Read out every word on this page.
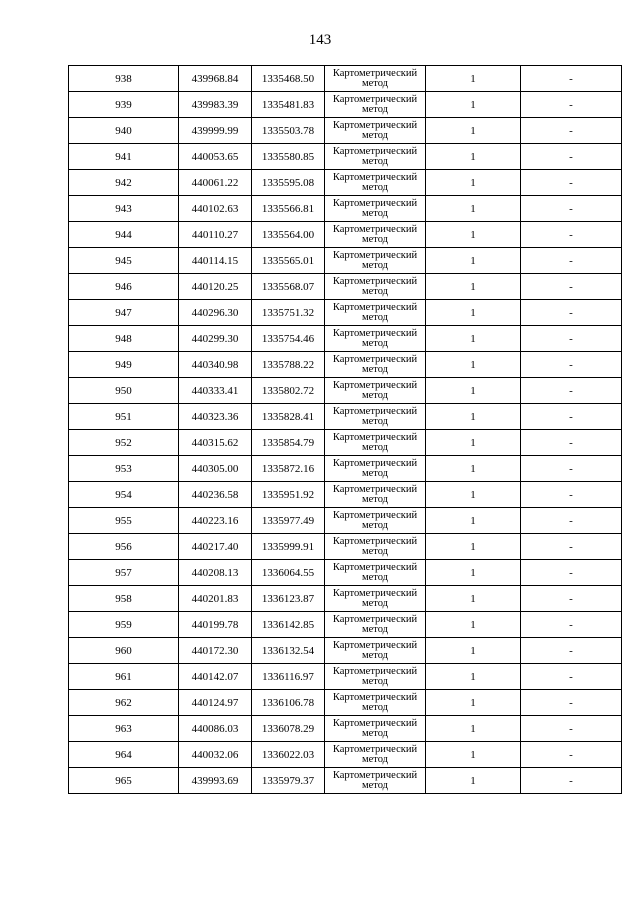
143
938	439968.84	1335468.50	Картометрический метод	1	-
939	439983.39	1335481.83	Картометрический метод	1	-
940	439999.99	1335503.78	Картометрический метод	1	-
941	440053.65	1335580.85	Картометрический метод	1	-
942	440061.22	1335595.08	Картометрический метод	1	-
943	440102.63	1335566.81	Картометрический метод	1	-
944	440110.27	1335564.00	Картометрический метод	1	-
945	440114.15	1335565.01	Картометрический метод	1	-
946	440120.25	1335568.07	Картометрический метод	1	-
947	440296.30	1335751.32	Картометрический метод	1	-
948	440299.30	1335754.46	Картометрический метод	1	-
949	440340.98	1335788.22	Картометрический метод	1	-
950	440333.41	1335802.72	Картометрический метод	1	-
951	440323.36	1335828.41	Картометрический метод	1	-
952	440315.62	1335854.79	Картометрический метод	1	-
953	440305.00	1335872.16	Картометрический метод	1	-
954	440236.58	1335951.92	Картометрический метод	1	-
955	440223.16	1335977.49	Картометрический метод	1	-
956	440217.40	1335999.91	Картометрический метод	1	-
957	440208.13	1336064.55	Картометрический метод	1	-
958	440201.83	1336123.87	Картометрический метод	1	-
959	440199.78	1336142.85	Картометрический метод	1	-
960	440172.30	1336132.54	Картометрический метод	1	-
961	440142.07	1336116.97	Картометрический метод	1	-
962	440124.97	1336106.78	Картометрический метод	1	-
963	440086.03	1336078.29	Картометрический метод	1	-
964	440032.06	1336022.03	Картометрический метод	1	-
965	439993.69	1335979.37	Картометрический метод	1	-
